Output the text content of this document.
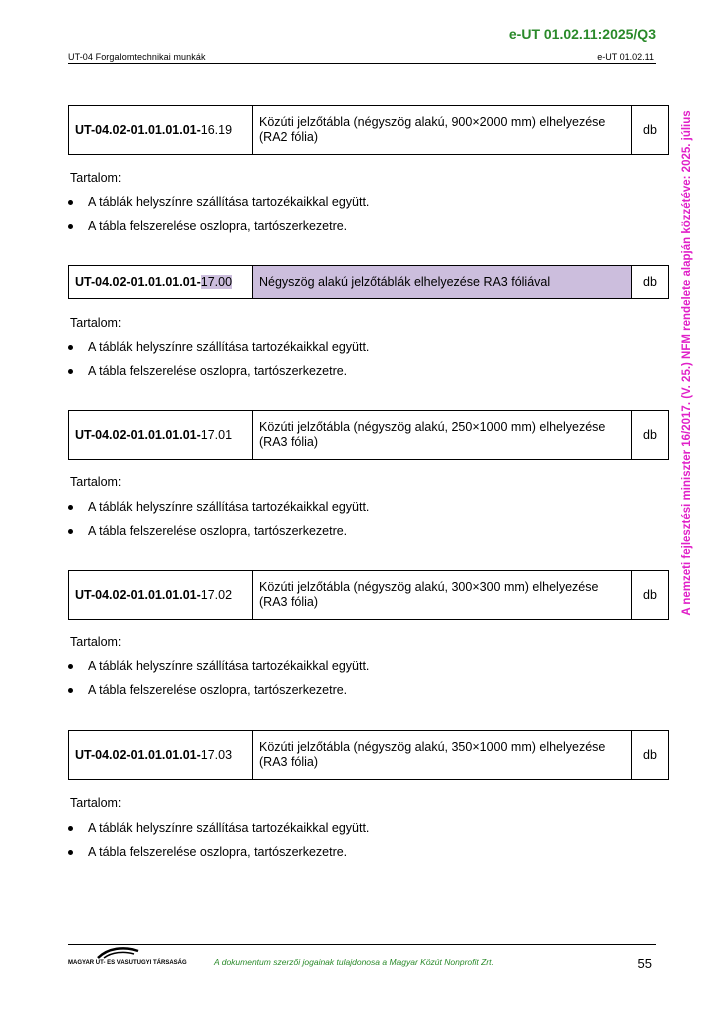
e-UT 01.02.11:2025/Q3
UT-04 Forgalomtechnikai munkák	e-UT 01.02.11
A nemzeti fejlesztési miniszter 16/2017. (V. 25.) NFM rendelete alapján közzétéve: 2025. július
UT-04.02-01.01.01.01-16.19	Közúti jelzőtábla (négyszög alakú, 900×2000 mm) elhelyezése (RA2 fólia)	db
Tartalom:
A táblák helyszínre szállítása tartozékaikkal együtt.
A tábla felszerelése oszlopra, tartószerkezetre.
UT-04.02-01.01.01.01-17.00	Négyszög alakú jelzőtáblák elhelyezése RA3 fóliával	db
Tartalom:
A táblák helyszínre szállítása tartozékaikkal együtt.
A tábla felszerelése oszlopra, tartószerkezetre.
UT-04.02-01.01.01.01-17.01	Közúti jelzőtábla (négyszög alakú, 250×1000 mm) elhelyezése (RA3 fólia)	db
Tartalom:
A táblák helyszínre szállítása tartozékaikkal együtt.
A tábla felszerelése oszlopra, tartószerkezetre.
UT-04.02-01.01.01.01-17.02	Közúti jelzőtábla (négyszög alakú, 300×300 mm) elhelyezése (RA3 fólia)	db
Tartalom:
A táblák helyszínre szállítása tartozékaikkal együtt.
A tábla felszerelése oszlopra, tartószerkezetre.
UT-04.02-01.01.01.01-17.03	Közúti jelzőtábla (négyszög alakú, 350×1000 mm) elhelyezése (RA3 fólia)	db
Tartalom:
A táblák helyszínre szállítása tartozékaikkal együtt.
A tábla felszerelése oszlopra, tartószerkezetre.
MAGYAR UT- ES VASUTUGYI TÁRSASÁG	A dokumentum szerzői jogainak tulajdonosa a Magyar Közút Nonprofit Zrt.	55
